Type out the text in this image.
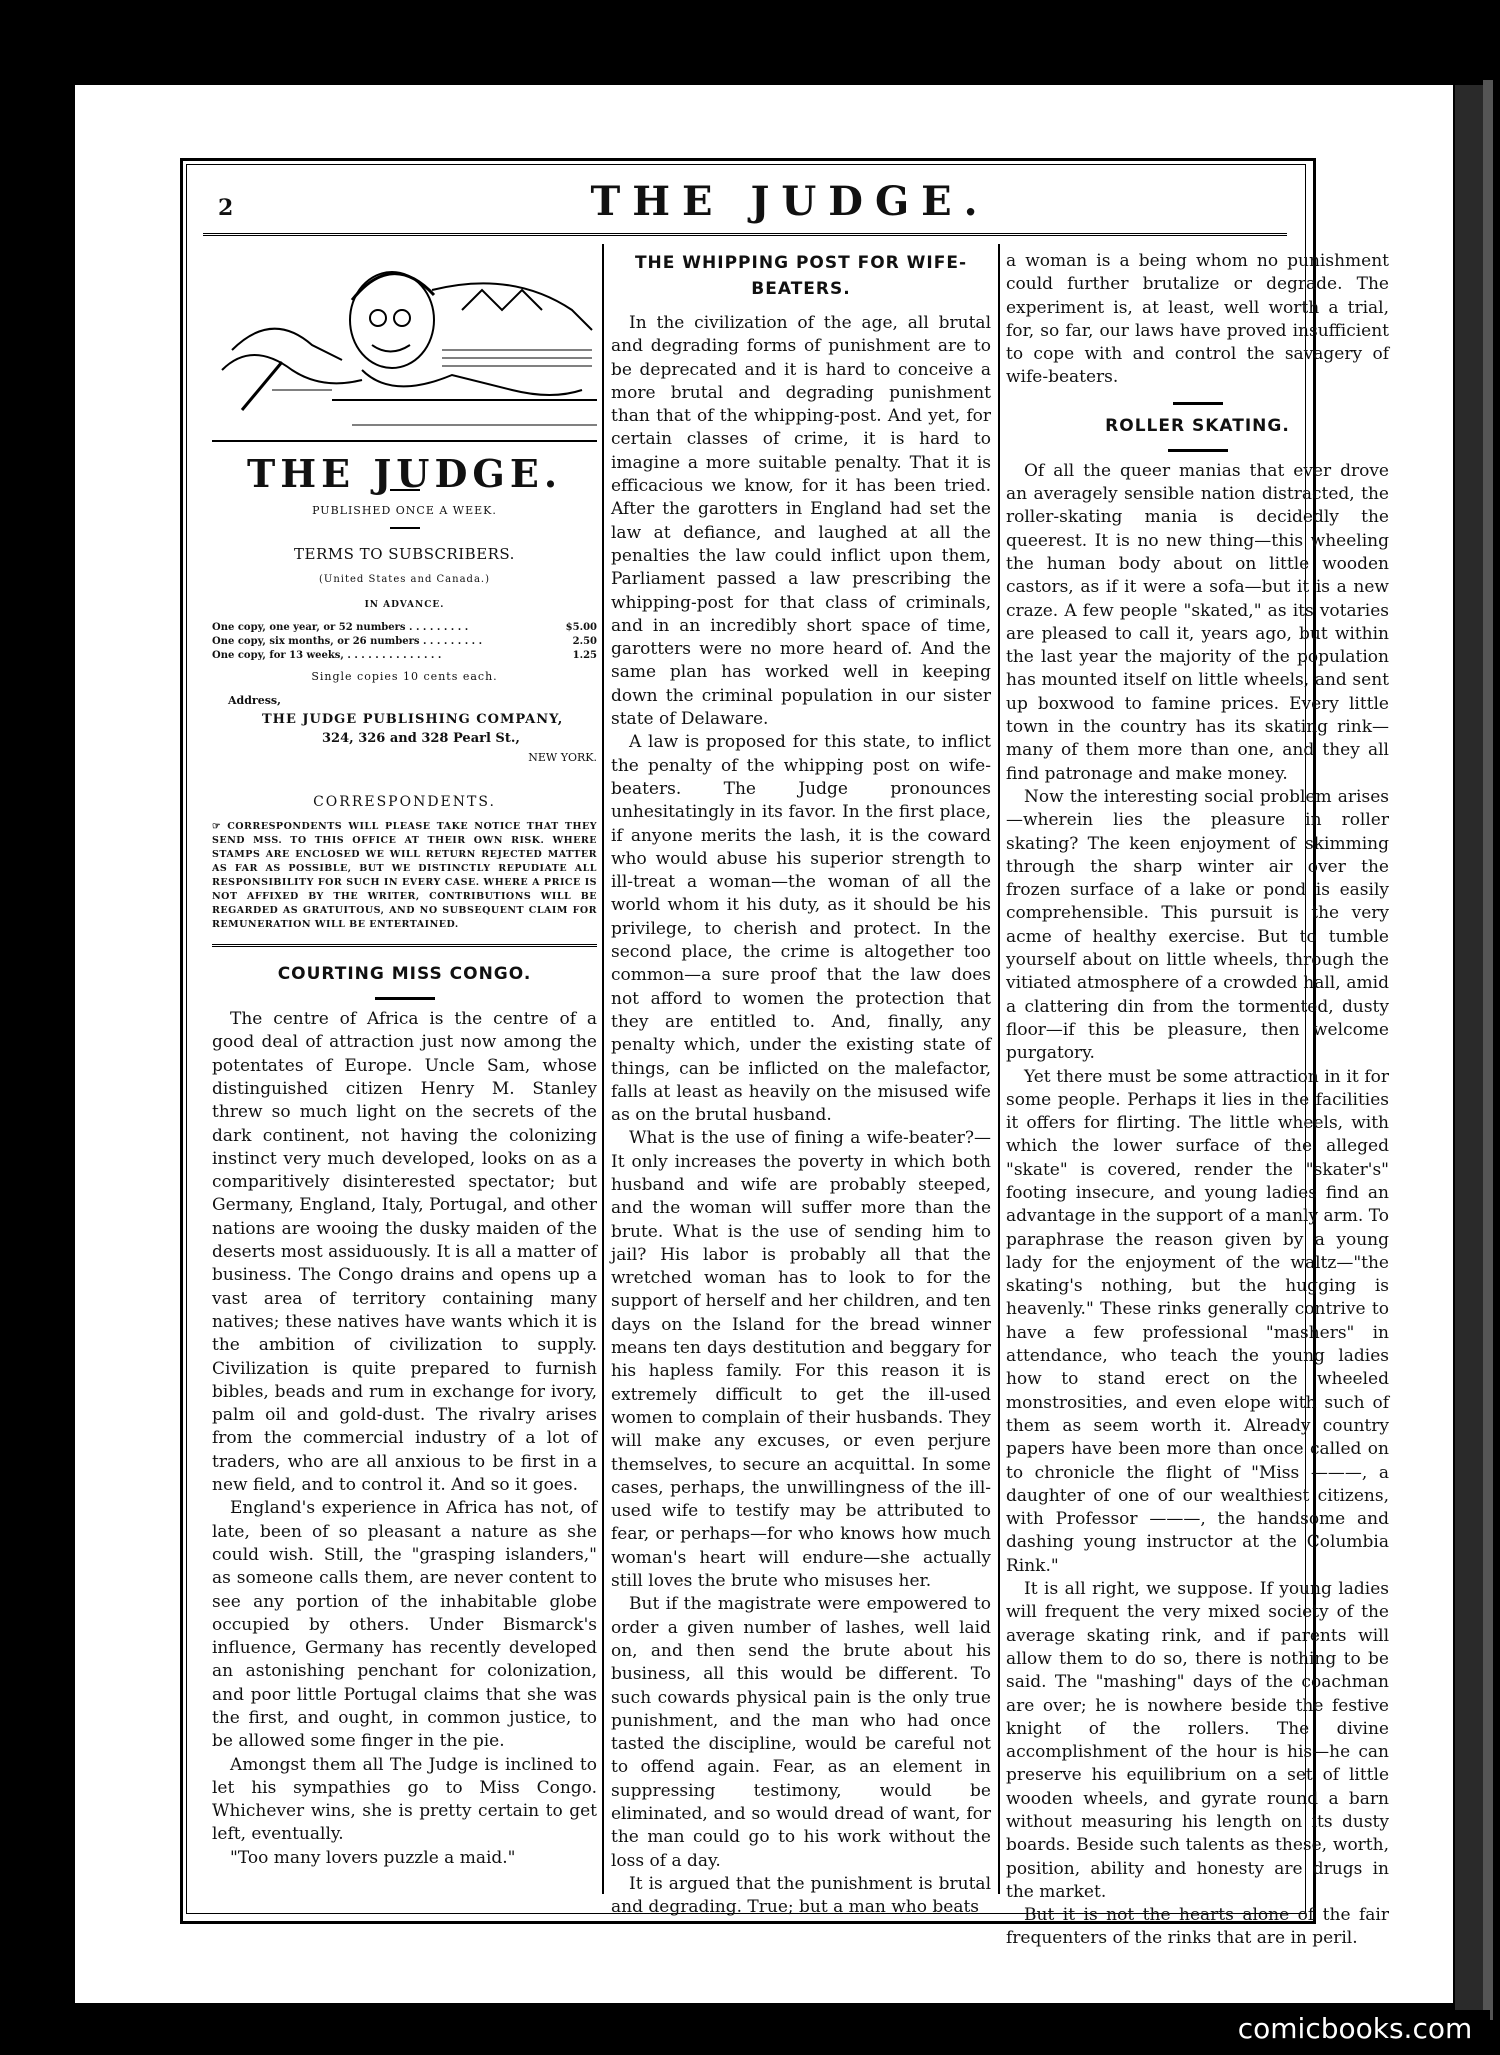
2	THE JUDGE.
THE JUDGE.
PUBLISHED ONCE A WEEK.
TERMS TO SUBSCRIBERS.
(United States and Canada.)
IN ADVANCE.
One copy, one year, or 52 numbers . . . . . . . . .	$5.00
One copy, six months, or 26 numbers . . . . . . . . .	2.50
One copy, for 13 weeks, . . . . . . . . . . . . . .	1.25
Single copies 10 cents each.
Address,
THE JUDGE PUBLISHING COMPANY,
324, 326 and 328 Pearl St.,
NEW YORK.
CORRESPONDENTS.
☞ CORRESPONDENTS WILL PLEASE TAKE NOTICE THAT THEY SEND MSS. TO THIS OFFICE AT THEIR OWN RISK. WHERE STAMPS ARE ENCLOSED WE WILL RETURN REJECTED MATTER AS FAR AS POSSIBLE, BUT WE DISTINCTLY REPUDIATE ALL RESPONSIBILITY FOR SUCH IN EVERY CASE. WHERE A PRICE IS NOT AFFIXED BY THE WRITER, CONTRIBUTIONS WILL BE REGARDED AS GRATUITOUS, AND NO SUBSEQUENT CLAIM FOR REMUNERATION WILL BE ENTERTAINED.
COURTING MISS CONGO.

The centre of Africa is the centre of a good deal of attraction just now among the potentates of Europe. Uncle Sam, whose distinguished citizen Henry M. Stanley threw so much light on the secrets of the dark continent, not having the colonizing instinct very much developed, looks on as a comparitively disinterested spectator; but Germany, England, Italy, Portugal, and other nations are wooing the dusky maiden of the deserts most assiduously. It is all a matter of business. The Congo drains and opens up a vast area of territory containing many natives; these natives have wants which it is the ambition of civilization to supply. Civilization is quite prepared to furnish bibles, beads and rum in exchange for ivory, palm oil and gold-dust. The rivalry arises from the commercial industry of a lot of traders, who are all anxious to be first in a new field, and to control it. And so it goes.

England's experience in Africa has not, of late, been of so pleasant a nature as she could wish. Still, the "grasping islanders," as someone calls them, are never content to see any portion of the inhabitable globe occupied by others. Under Bismarck's influence, Germany has recently developed an astonishing penchant for colonization, and poor little Portugal claims that she was the first, and ought, in common justice, to be allowed some finger in the pie.

Amongst them all The Judge is inclined to let his sympathies go to Miss Congo. Whichever wins, she is pretty certain to get left, eventually.

"Too many lovers puzzle a maid."

THE WHIPPING POST FOR WIFE-BEATERS.

In the civilization of the age, all brutal and degrading forms of punishment are to be deprecated and it is hard to conceive a more brutal and degrading punishment than that of the whipping-post. And yet, for certain classes of crime, it is hard to imagine a more suitable penalty. That it is efficacious we know, for it has been tried. After the garotters in England had set the law at defiance, and laughed at all the penalties the law could inflict upon them, Parliament passed a law prescribing the whipping-post for that class of criminals, and in an incredibly short space of time, garotters were no more heard of. And the same plan has worked well in keeping down the criminal population in our sister state of Delaware.

A law is proposed for this state, to inflict the penalty of the whipping post on wife-beaters. The Judge pronounces unhesitatingly in its favor. In the first place, if anyone merits the lash, it is the coward who would abuse his superior strength to ill-treat a woman—the woman of all the world whom it his duty, as it should be his privilege, to cherish and protect. In the second place, the crime is altogether too common—a sure proof that the law does not afford to women the protection that they are entitled to. And, finally, any penalty which, under the existing state of things, can be inflicted on the malefactor, falls at least as heavily on the misused wife as on the brutal husband.

What is the use of fining a wife-beater?—It only increases the poverty in which both husband and wife are probably steeped, and the woman will suffer more than the brute. What is the use of sending him to jail? His labor is probably all that the wretched woman has to look to for the support of herself and her children, and ten days on the Island for the bread winner means ten days destitution and beggary for his hapless family. For this reason it is extremely difficult to get the ill-used women to complain of their husbands. They will make any excuses, or even perjure themselves, to secure an acquittal. In some cases, perhaps, the unwillingness of the ill-used wife to testify may be attributed to fear, or perhaps—for who knows how much woman's heart will endure—she actually still loves the brute who misuses her.

But if the magistrate were empowered to order a given number of lashes, well laid on, and then send the brute about his business, all this would be different. To such cowards physical pain is the only true punishment, and the man who had once tasted the discipline, would be careful not to offend again. Fear, as an element in suppressing testimony, would be eliminated, and so would dread of want, for the man could go to his work without the loss of a day.

It is argued that the punishment is brutal and degrading. True; but a man who beats

a woman is a being whom no punishment could further brutalize or degrade. The experiment is, at least, well worth a trial, for, so far, our laws have proved insufficient to cope with and control the savagery of wife-beaters.

ROLLER SKATING.

Of all the queer manias that ever drove an averagely sensible nation distracted, the roller-skating mania is decidedly the queerest. It is no new thing—this wheeling the human body about on little wooden castors, as if it were a sofa—but it is a new craze. A few people "skated," as its votaries are pleased to call it, years ago, but within the last year the majority of the population has mounted itself on little wheels, and sent up boxwood to famine prices. Every little town in the country has its skating rink—many of them more than one, and they all find patronage and make money.

Now the interesting social problem arises—wherein lies the pleasure in roller skating? The keen enjoyment of skimming through the sharp winter air over the frozen surface of a lake or pond is easily comprehensible. This pursuit is the very acme of healthy exercise. But to tumble yourself about on little wheels, through the vitiated atmosphere of a crowded hall, amid a clattering din from the tormented, dusty floor—if this be pleasure, then welcome purgatory.

Yet there must be some attraction in it for some people. Perhaps it lies in the facilities it offers for flirting. The little wheels, with which the lower surface of the alleged "skate" is covered, render the "skater's" footing insecure, and young ladies find an advantage in the support of a manly arm. To paraphrase the reason given by a young lady for the enjoyment of the waltz—"the skating's nothing, but the hugging is heavenly." These rinks generally contrive to have a few professional "mashers" in attendance, who teach the young ladies how to stand erect on the wheeled monstrosities, and even elope with such of them as seem worth it. Already country papers have been more than once called on to chronicle the flight of "Miss ———, a daughter of one of our wealthiest citizens, with Professor ———, the handsome and dashing young instructor at the Columbia Rink."

It is all right, we suppose. If young ladies will frequent the very mixed society of the average skating rink, and if parents will allow them to do so, there is nothing to be said. The "mashing" days of the coachman are over; he is nowhere beside the festive knight of the rollers. The divine accomplishment of the hour is his—he can preserve his equilibrium on a set of little wooden wheels, and gyrate round a barn without measuring his length on its dusty boards. Beside such talents as these, worth, position, ability and honesty are drugs in the market.

But it is not the hearts alone of the fair frequenters of the rinks that are in peril.

comicbooks.com
